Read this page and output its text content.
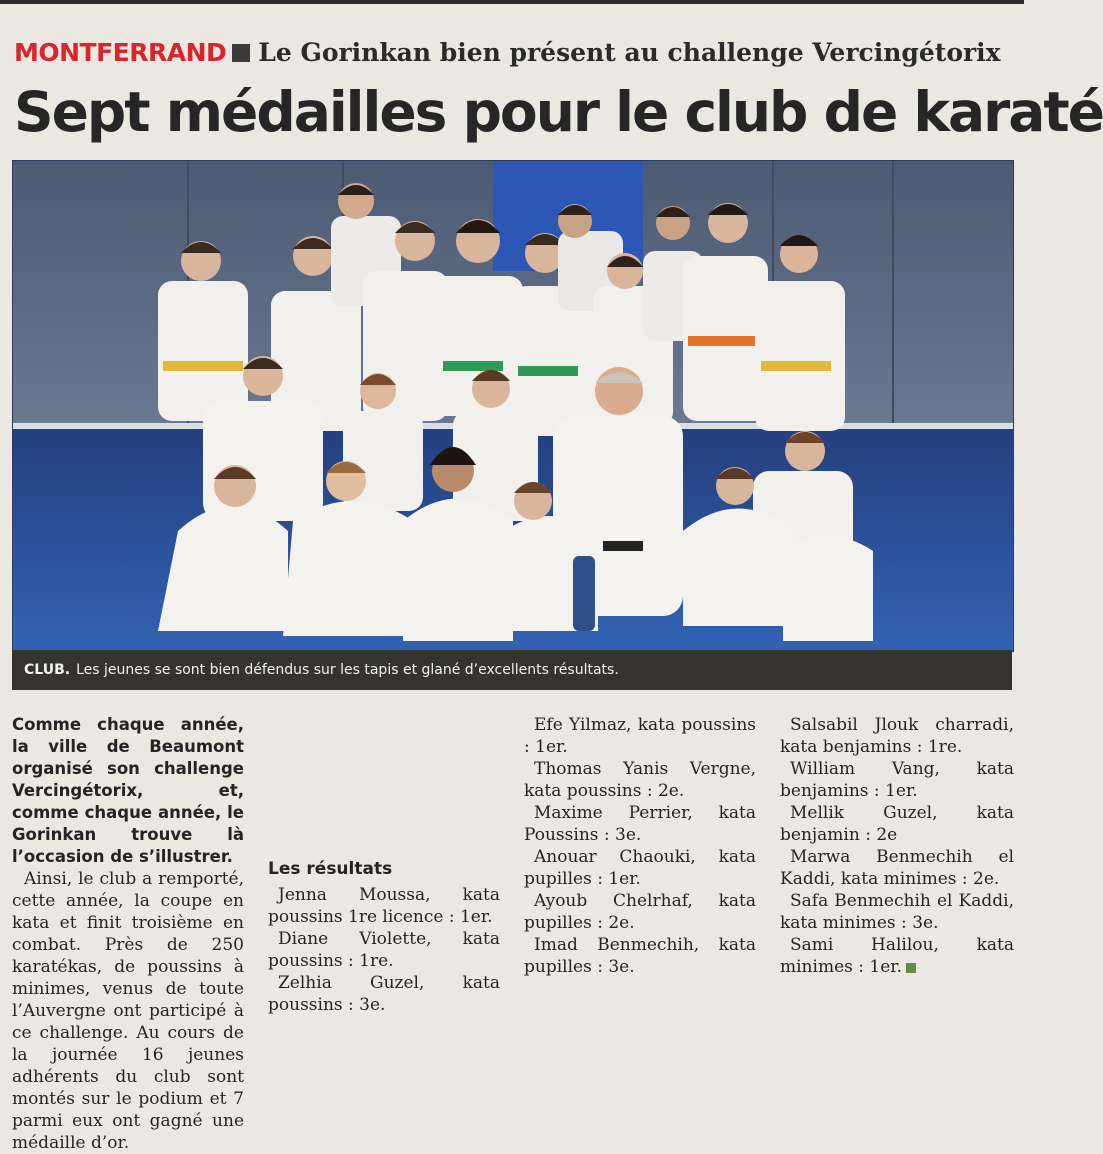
MONTFERRAND Le Gorinkan bien présent au challenge Vercingétorix
Sept médailles pour le club de karaté
CLUB. Les jeunes se sont bien défendus sur les tapis et glané d’excellents résultats.

Comme chaque année, la ville de Beaumont organisé son challenge Vercingétorix, et, comme chaque année, le Gorinkan trouve là l’occasion de s’illustrer.

Ainsi, le club a remporté, cette année, la coupe en kata et finit troisième en combat. Près de 250 karatékas, de poussins à minimes, venus de toute l’Auvergne ont participé à ce challenge. Au cours de la journée 16 jeunes adhérents du club sont montés sur le podium et 7 parmi eux ont gagné une médaille d’or.

Les résultats

Jenna Moussa, kata poussins 1re licence : 1er.

Diane Violette, kata poussins : 1re.

Zelhia Guzel, kata poussins : 3e.

Efe Yilmaz, kata poussins : 1er.

Thomas Yanis Vergne, kata poussins : 2e.

Maxime Perrier, kata Poussins : 3e.

Anouar Chaouki, kata pupilles : 1er.

Ayoub Chelrhaf, kata pupilles : 2e.

Imad Benmechih, kata pupilles : 3e.

Salsabil Jlouk charradi, kata benjamins : 1re.

William Vang, kata benjamins : 1er.

Mellik Guzel, kata benjamin : 2e

Marwa Benmechih el Kaddi, kata minimes : 2e.

Safa Benmechih el Kaddi, kata minimes : 3e.

Sami Halilou, kata minimes : 1er.
